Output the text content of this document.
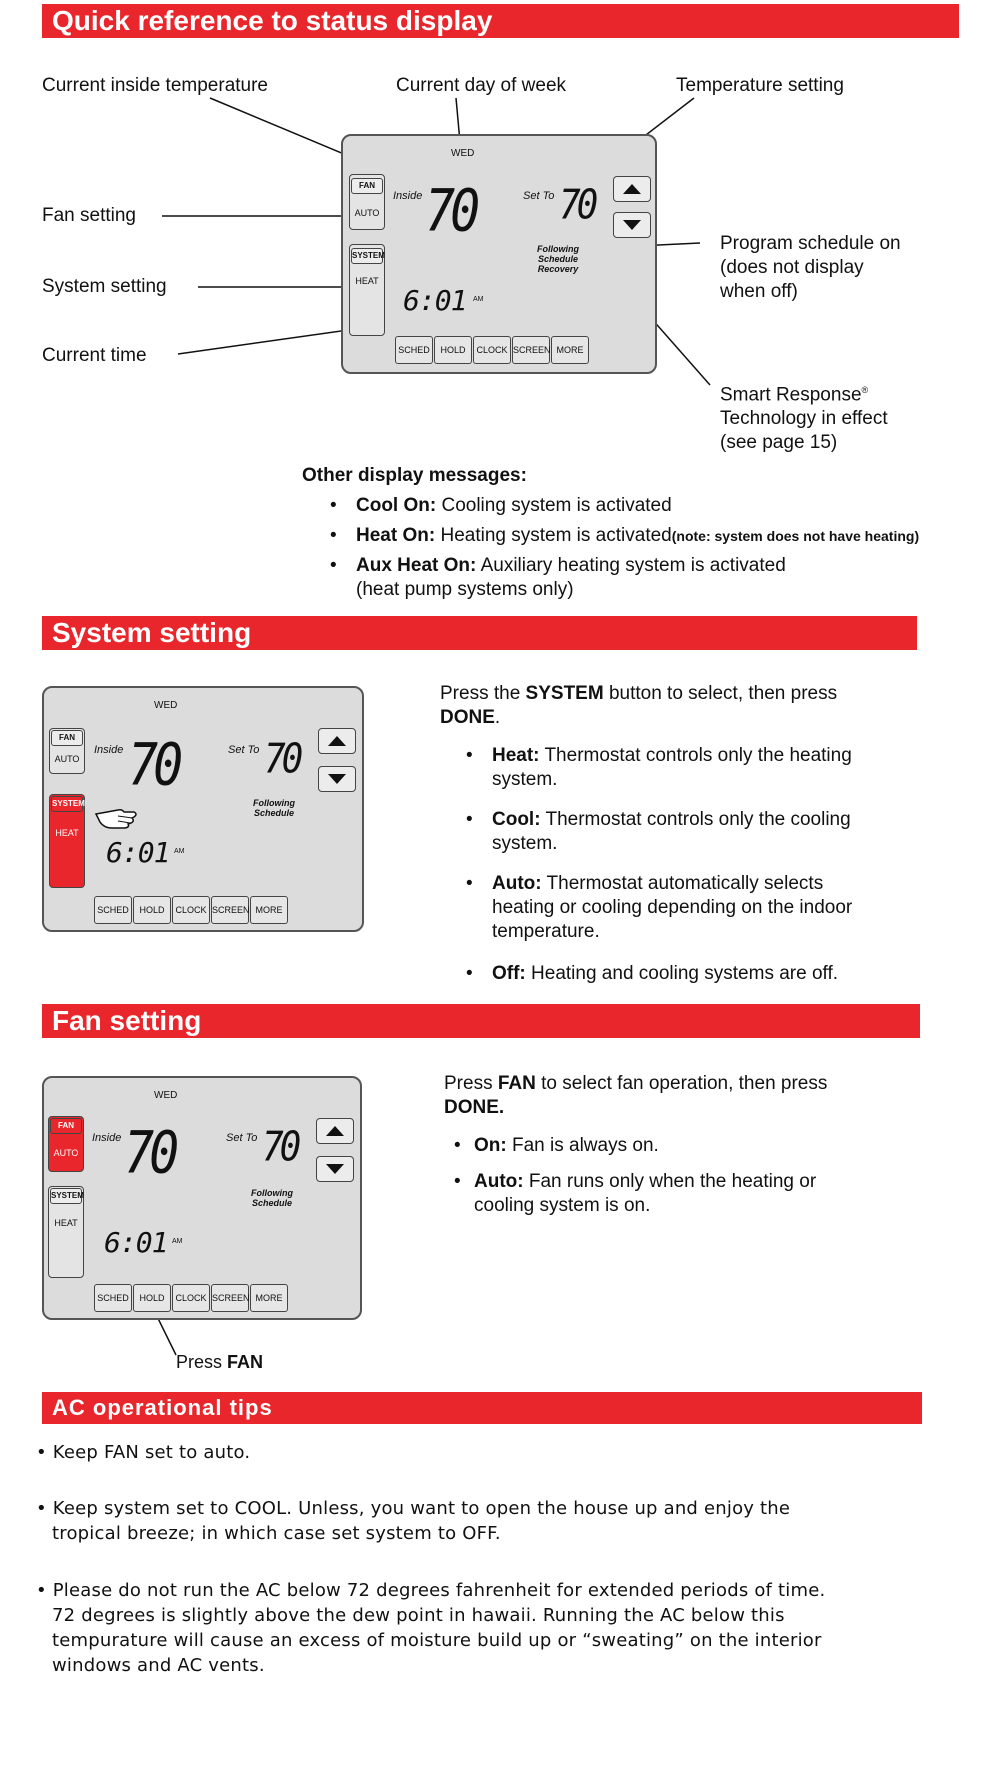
Quick reference to status display
Current inside temperature	Current day of week	Temperature setting
Fan setting
System setting
Current time
Program schedule on
(does not display
when off)
Smart Response®
Technology in effect
(see page 15)
WED
FAN
AUTO
SYSTEM
HEAT
Inside 70	Set To 70
Following
Schedule
Recovery
6:01 AM
SCHED	HOLD	CLOCK SCREEN MORE
Other display messages:
• Cool On: Cooling system is activated
• Heat On: Heating system is activated(note: system does not have heating)
• Aux Heat On: Auxiliary heating system is activated
(heat pump systems only)
System setting
WED
FAN
AUTO
SYSTEM
HEAT
Inside 70	Set To 70
Following
Schedule
6:01 AM
SCHED	HOLD	CLOCK SCREEN MORE
Press the SYSTEM button to select, then press
DONE.
• Heat: Thermostat controls only the heating
system.
• Cool: Thermostat controls only the cooling
system.
• Auto: Thermostat automatically selects
heating or cooling depending on the indoor
temperature.
• Off: Heating and cooling systems are off.
Fan setting
WED
FAN
AUTO
SYSTEM
HEAT
Inside 70	Set To 70
Following
Schedule
6:01 AM
SCHED	HOLD	CLOCK SCREEN MORE
Press FAN
Press FAN to select fan operation, then press
DONE.
• On: Fan is always on.
• Auto: Fan runs only when the heating or
cooling system is on.
AC operational tips
• Keep FAN set to auto.
• Keep system set to COOL. Unless, you want to open the house up and enjoy the
tropical breeze; in which case set system to OFF.
• Please do not run the AC below 72 degrees fahrenheit for extended periods of time.
72 degrees is slightly above the dew point in hawaii. Running the AC below this
tempurature will cause an excess of moisture build up or “sweating” on the interior
windows and AC vents.
